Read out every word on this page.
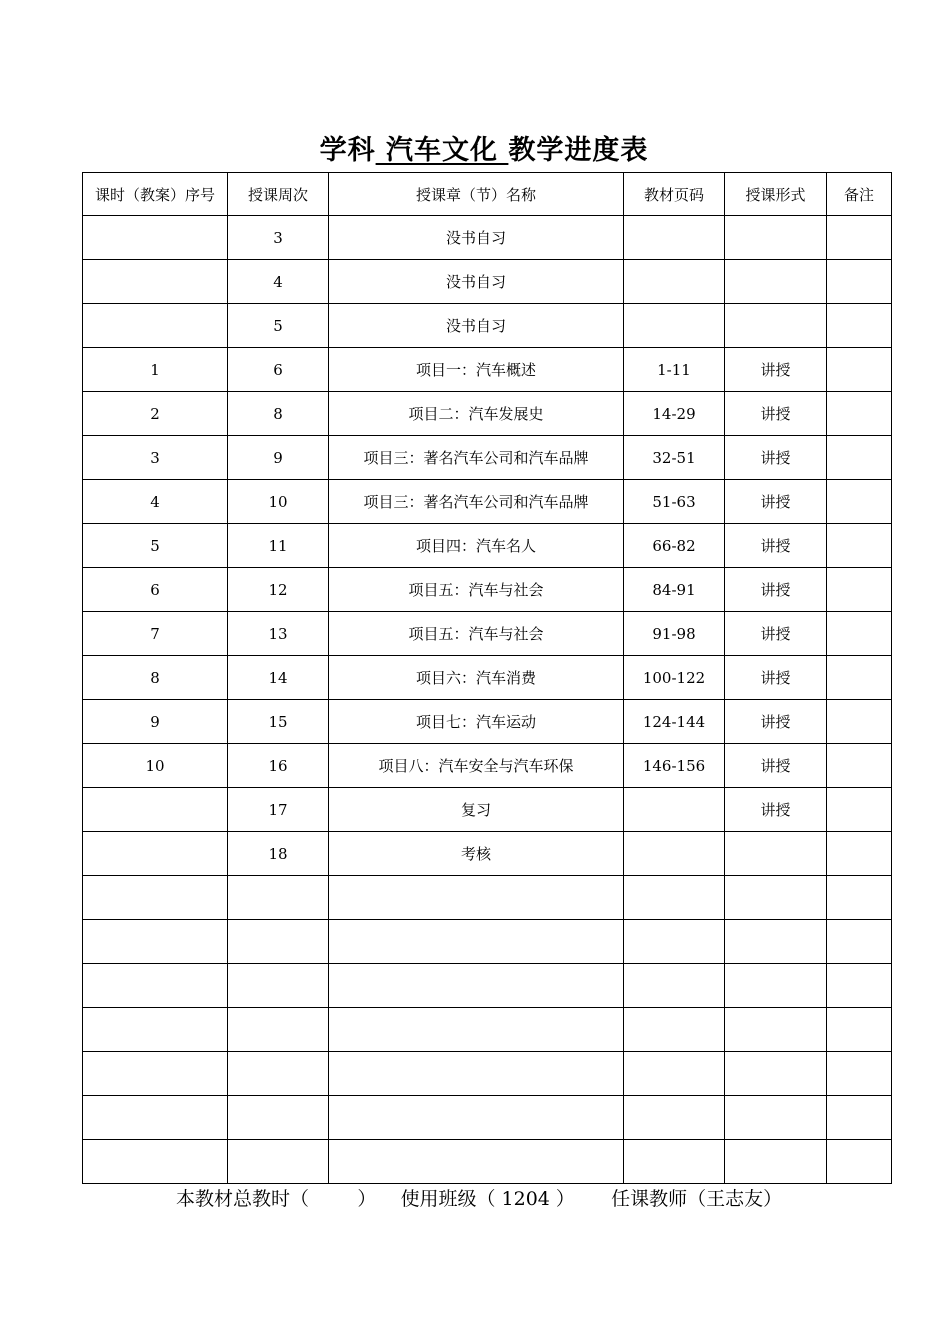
学科 汽车文化 教学进度表
课时（教案）序号	授课周次	授课章（节）名称	教材页码	授课形式	备注
	3	没书自习			
	4	没书自习			
	5	没书自习			
1	6	项目一：汽车概述	1-11	讲授	
2	8	项目二：汽车发展史	14-29	讲授	
3	9	项目三：著名汽车公司和汽车品牌	32-51	讲授	
4	10	项目三：著名汽车公司和汽车品牌	51-63	讲授	
5	11	项目四：汽车名人	66-82	讲授	
6	12	项目五：汽车与社会	84-91	讲授	
7	13	项目五：汽车与社会	91-98	讲授	
8	14	项目六：汽车消费	100-122	讲授	
9	15	项目七：汽车运动	124-144	讲授	
10	16	项目八：汽车安全与汽车环保	146-156	讲授	
	17	复习		讲授	
	18	考核			

本教材总教时（        ）    使用班级（ 1204 ）      任课教师（王志友）
